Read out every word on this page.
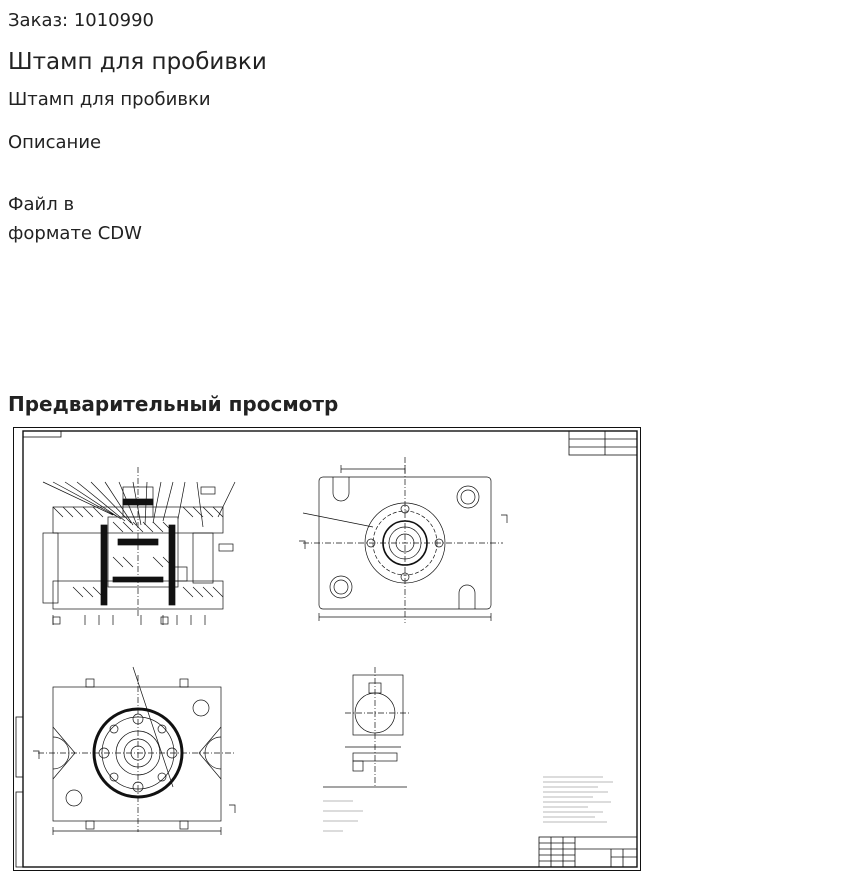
Заказ: 1010990
Штамп для пробивки

Штамп для пробивки

Описание

Файл в

формате CDW

Предварительный просмотр
